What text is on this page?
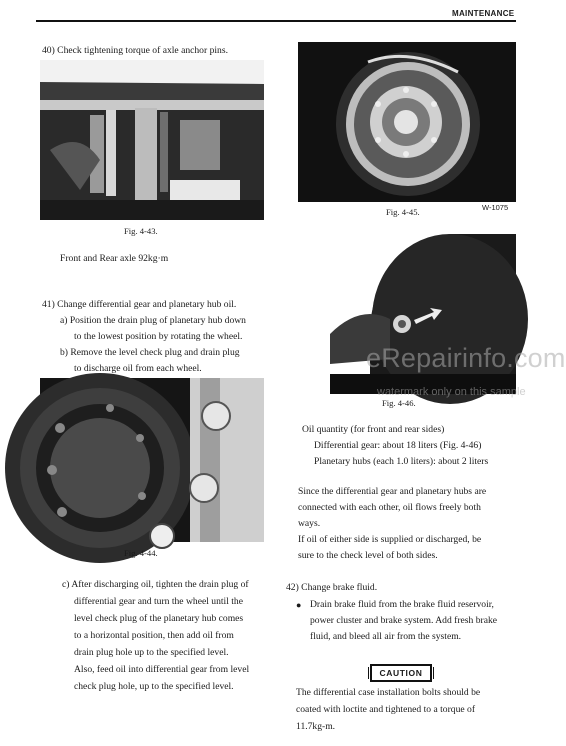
MAINTENANCE
40) Check tightening torque of axle anchor pins.
Fig. 4-43.
Front and Rear axle 92kg·m
41) Change differential gear and planetary hub oil.
a) Position the drain plug of planetary hub down
to the lowest position by rotating the wheel.
b) Remove the level check plug and drain plug
to discharge oil from each wheel.
Fig. 4-44.
c) After discharging oil, tighten the drain plug of
differential gear and turn the wheel until the
level check plug of the planetary hub comes
to a horizontal position, then add oil from
drain plug hole up to the specified level.
Also, feed oil into differential gear from level
check plug hole, up to the specified level.
Fig. 4-45.	W-1075
Fig. 4-46.
Oil quantity (for front and rear sides)
Differential gear: about 18 liters (Fig. 4-46)
Planetary hubs (each 1.0 liters): about 2 liters
Since the differential gear and planetary hubs are
connected with each other, oil flows freely both
ways.
If oil of either side is supplied or discharged, be
sure to the check level of both sides.
42) Change brake fluid.
● Drain brake fluid from the brake fluid reservoir,
power cluster and brake system. Add fresh brake
fluid, and bleed all air from the system.
CAUTION
The differential case installation bolts should be
coated with loctite and tightened to a torque of
11.7kg-m.
eRepairinfo.com
watermark only on this sample
